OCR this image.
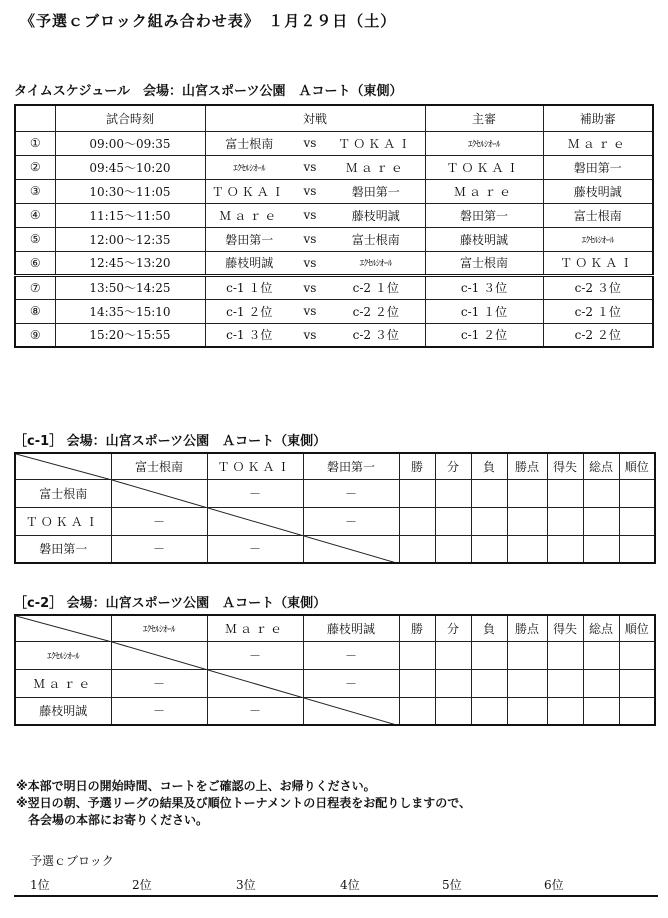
《予選ｃブロック組み合わせ表》　１月２９日（土）
タイムスケジュール　会場：山宮スポーツ公園　Ａコート（東側）
	試合時刻	対戦			主審	補助審
①	09:00～09:35	富士根南	vs	ＴＯＫＡＩ	ｴｸｾﾙｼｵｰﾙ	Ｍａｒｅ
②	09:45～10:20	ｴｸｾﾙｼｵｰﾙ	vs	Ｍａｒｅ	ＴＯＫＡＩ	磐田第一
③	10:30～11:05	ＴＯＫＡＩ	vs	磐田第一	Ｍａｒｅ	藤枝明誠
④	11:15～11:50	Ｍａｒｅ	vs	藤枝明誠	磐田第一	富士根南
⑤	12:00～12:35	磐田第一	vs	富士根南	藤枝明誠	ｴｸｾﾙｼｵｰﾙ
⑥	12:45～13:20	藤枝明誠	vs	ｴｸｾﾙｼｵｰﾙ	富士根南	ＴＯＫＡＩ
⑦	13:50～14:25	c-1 １位	vs	c-2 １位	c-1 ３位	c-2 ３位
⑧	14:35～15:10	c-1 ２位	vs	c-2 ２位	c-1 １位	c-2 １位
⑨	15:20～15:55	c-1 ３位	vs	c-2 ３位	c-1 ２位	c-2 ２位
［c-1］ 会場：山宮スポーツ公園　Ａコート（東側）
	富士根南	ＴＯＫＡＩ	磐田第一	勝	分	負	勝点	得失	総点	順位
富士根南		－	－							
ＴＯＫＡＩ	－		－							
磐田第一	－	－	

［c-2］ 会場：山宮スポーツ公園　Ａコート（東側）
	ｴｸｾﾙｼｵｰﾙ	Ｍａｒｅ	藤枝明誠	勝	分	負	勝点	得失	総点	順位
ｴｸｾﾙｼｵｰﾙ		－	－							
Ｍａｒｅ	－		－							
藤枝明誠	－	－	

※本部で明日の開始時間、コートをご確認の上、お帰りください。
※翌日の朝、予選リーグの結果及び順位トーナメントの日程表をお配りしますので、
　各会場の本部にお寄りください。
予選ｃブロック
1位	2位	3位	4位	5位	6位
